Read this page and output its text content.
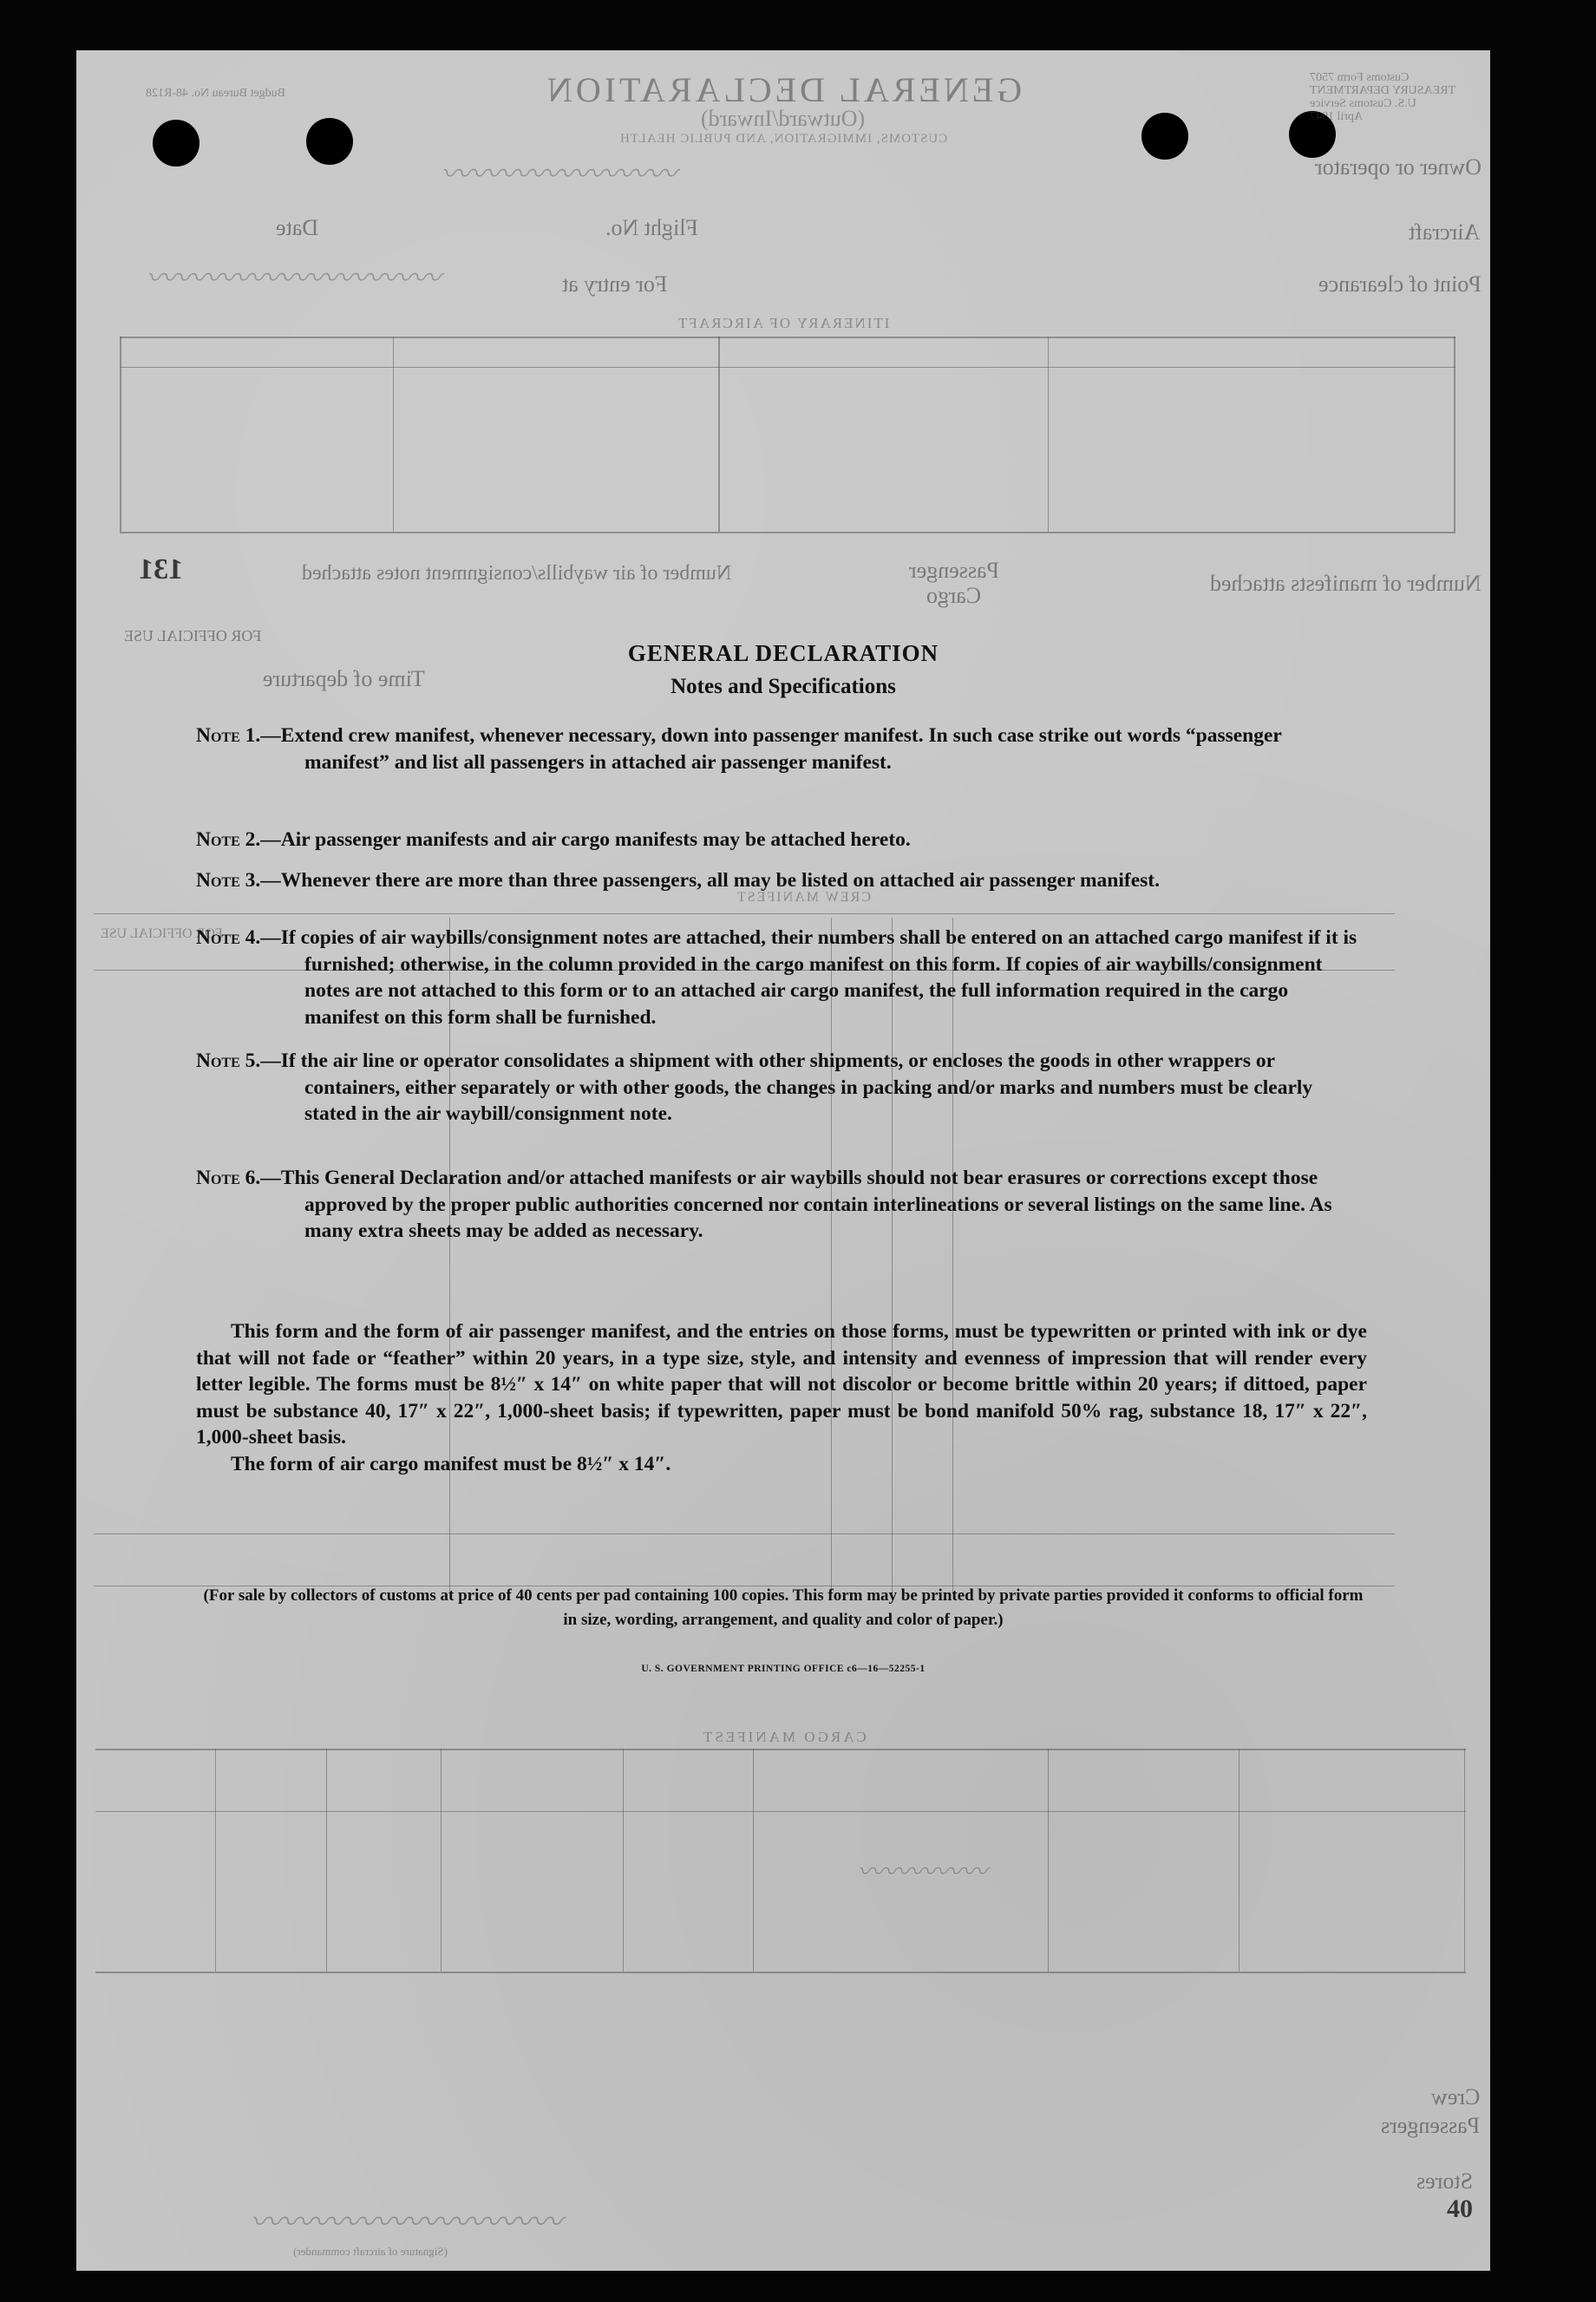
GENERAL DECLARATION
(Outward/Inward)
CUSTOMS, IMMIGRATION, AND PUBLIC HEALTH
Budget Bureau No. 48-R128
Customs Form 7507
TREASURY DEPARTMENT
U.S. Customs Service
April 1947
Owner or operator
Aircraft
Flight No.
Date
Point of clearance
For entry at
ITINERARY OF AIRCRAFT
Number of manifests attached
Passenger
Cargo
Number of air waybills/consignment notes attached
FOR OFFICIAL USE
Time of departure
CREW MANIFEST
FOR OFFICIAL USE
CARGO MANIFEST
Crew
Passengers
Stores
(Signature of aircraft commander)
131
40
〰〰〰〰〰〰〰〰
〰〰〰〰〰〰〰〰〰〰
〰〰〰〰〰
〰〰〰〰〰〰〰〰〰〰
GENERAL DECLARATION
Notes and Specifications
Note 1.—Extend crew manifest, whenever necessary, down into passenger manifest. In such case strike out words “passenger manifest” and list all passengers in attached air passenger manifest.
Note 2.—Air passenger manifests and air cargo manifests may be attached hereto.
Note 3.—Whenever there are more than three passengers, all may be listed on attached air passenger manifest.
Note 4.—If copies of air waybills/consignment notes are attached, their numbers shall be entered on an attached cargo manifest if it is furnished; otherwise, in the column provided in the cargo manifest on this form. If copies of air waybills/consignment notes are not attached to this form or to an attached air cargo manifest, the full information required in the cargo manifest on this form shall be furnished.
Note 5.—If the air line or operator consolidates a shipment with other shipments, or encloses the goods in other wrappers or containers, either separately or with other goods, the changes in packing and/or marks and numbers must be clearly stated in the air waybill/consignment note.
Note 6.—This General Declaration and/or attached manifests or air waybills should not bear erasures or corrections except those approved by the proper public authorities concerned nor contain interlineations or several listings on the same line. As many extra sheets may be added as necessary.
This form and the form of air passenger manifest, and the entries on those forms, must be typewritten or printed with ink or dye that will not fade or “feather” within 20 years, in a type size, style, and intensity and evenness of impression that will render every letter legible. The forms must be 8½″ x 14″ on white paper that will not discolor or become brittle within 20 years; if dittoed, paper must be substance 40, 17″ x 22″, 1,000-sheet basis; if typewritten, paper must be bond manifold 50% rag, substance 18, 17″ x 22″, 1,000-sheet basis.
The form of air cargo manifest must be 8½″ x 14″.
(For sale by collectors of customs at price of 40 cents per pad containing 100 copies. This form may be printed by private parties provided it conforms to official form in size, wording, arrangement, and quality and color of paper.)
U. S. GOVERNMENT PRINTING OFFICE c6—16—52255-1
